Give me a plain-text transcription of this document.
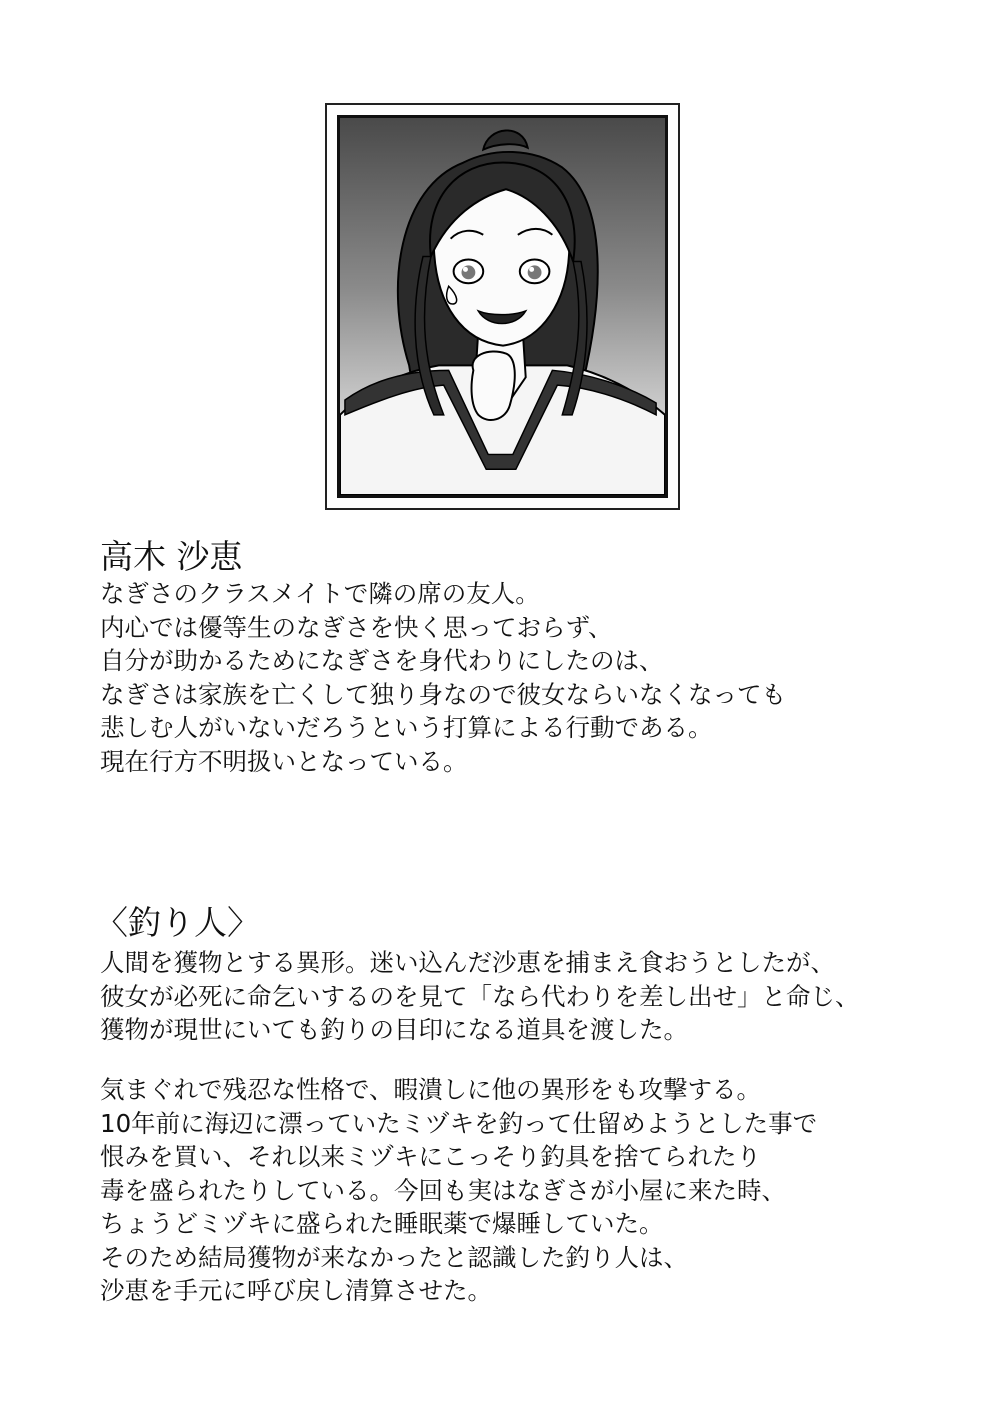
高木 沙恵
なぎさのクラスメイトで隣の席の友人。
内心では優等生のなぎさを快く思っておらず、
自分が助かるためになぎさを身代わりにしたのは、
なぎさは家族を亡くして独り身なので彼女ならいなくなっても
悲しむ人がいないだろうという打算による行動である。
現在行方不明扱いとなっている。
〈釣り人〉
人間を獲物とする異形。迷い込んだ沙恵を捕まえ食おうとしたが、
彼女が必死に命乞いするのを見て「なら代わりを差し出せ」と命じ、
獲物が現世にいても釣りの目印になる道具を渡した。
気まぐれで残忍な性格で、暇潰しに他の異形をも攻撃する。
10年前に海辺に漂っていたミヅキを釣って仕留めようとした事で
恨みを買い、それ以来ミヅキにこっそり釣具を捨てられたり
毒を盛られたりしている。今回も実はなぎさが小屋に来た時、
ちょうどミヅキに盛られた睡眠薬で爆睡していた。
そのため結局獲物が来なかったと認識した釣り人は、
沙恵を手元に呼び戻し清算させた。
